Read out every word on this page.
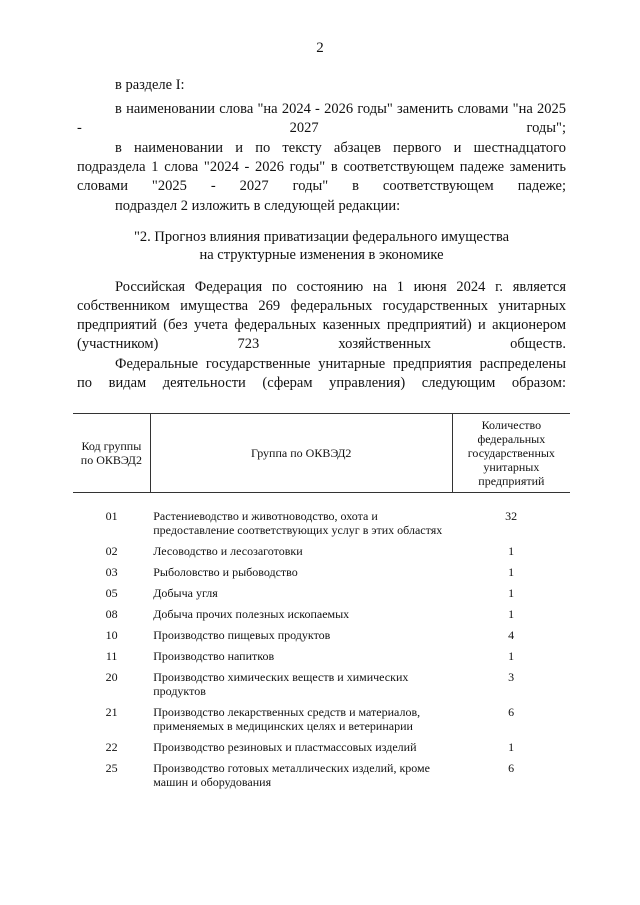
2
в разделе I:
в наименовании слова "на 2024 - 2026 годы" заменить словами "на 2025 - 2027 годы";
в наименовании и по тексту абзацев первого и шестнадцатого подраздела 1 слова "2024 - 2026 годы" в соответствующем падеже заменить словами "2025 - 2027 годы" в соответствующем падеже;
подраздел 2 изложить в следующей редакции:
"2. Прогноз влияния приватизации федерального имущества
на структурные изменения в экономике
Российская Федерация по состоянию на 1 июня 2024 г. является собственником имущества 269 федеральных государственных унитарных предприятий (без учета федеральных казенных предприятий) и акционером (участником) 723 хозяйственных обществ.
Федеральные государственные унитарные предприятия распределены по видам деятельности (сферам управления) следующим образом:
Код группы по ОКВЭД2	Группа по ОКВЭД2	Количество федеральных государственных унитарных предприятий

01	Растениеводство и животноводство, охота и предоставление соответствующих услуг в этих областях	32
02	Лесоводство и лесозаготовки	1
03	Рыболовство и рыбоводство	1
05	Добыча угля	1
08	Добыча прочих полезных ископаемых	1
10	Производство пищевых продуктов	4
11	Производство напитков	1
20	Производство химических веществ и химических продуктов	3
21	Производство лекарственных средств и материалов, применяемых в медицинских целях и ветеринарии	6
22	Производство резиновых и пластмассовых изделий	1
25	Производство готовых металлических изделий, кроме машин и оборудования	6
